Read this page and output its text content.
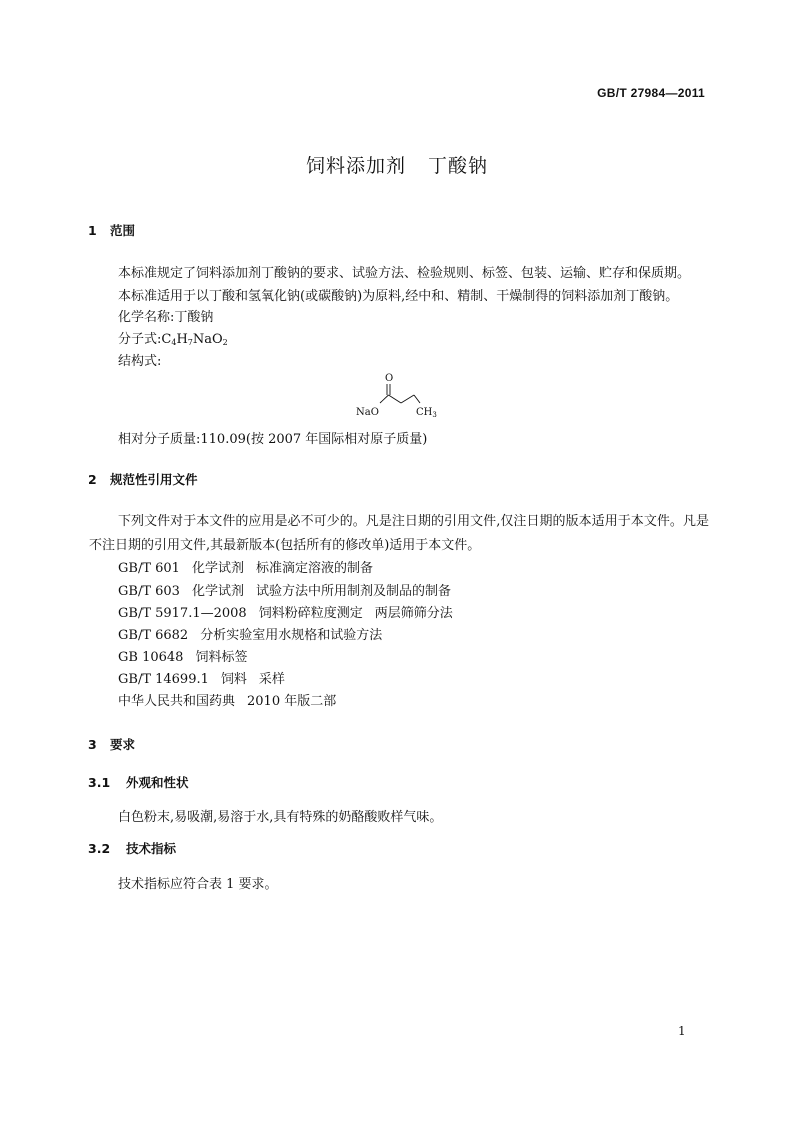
GB/T 27984—2011
饲料添加剂 丁酸钠
1 范围
本标准规定了饲料添加剂丁酸钠的要求、试验方法、检验规则、标签、包装、运输、贮存和保质期。
本标准适用于以丁酸和氢氧化钠(或碳酸钠)为原料,经中和、精制、干燥制得的饲料添加剂丁酸钠。
化学名称:丁酸钠
分子式$:C_4H_7NaO_2$
结构式:
O
NaO	$CH_3$
相对分子质量:110.09(按 2007 年国际相对原子质量)
2 规范性引用文件
下列文件对于本文件的应用是必不可少的。凡是注日期的引用文件,仅注日期的版本适用于本文件。凡是不注日期的引用文件,其最新版本(包括所有的修改单)适用于本文件。
GB/T 601 化学试剂 标准滴定溶液的制备
GB/T 603 化学试剂 试验方法中所用制剂及制品的制备
GB/T 5917.1—2008 饲料粉碎粒度测定 两层筛筛分法
GB/T 6682 分析实验室用水规格和试验方法
GB 10648 饲料标签
GB/T 14699.1 饲料 采样
中华人民共和国药典 2010 年版二部
3 要求
3.1 外观和性状
白色粉末,易吸潮,易溶于水,具有特殊的奶酪酸败样气味。
3.2 技术指标
技术指标应符合表 1 要求。
1
